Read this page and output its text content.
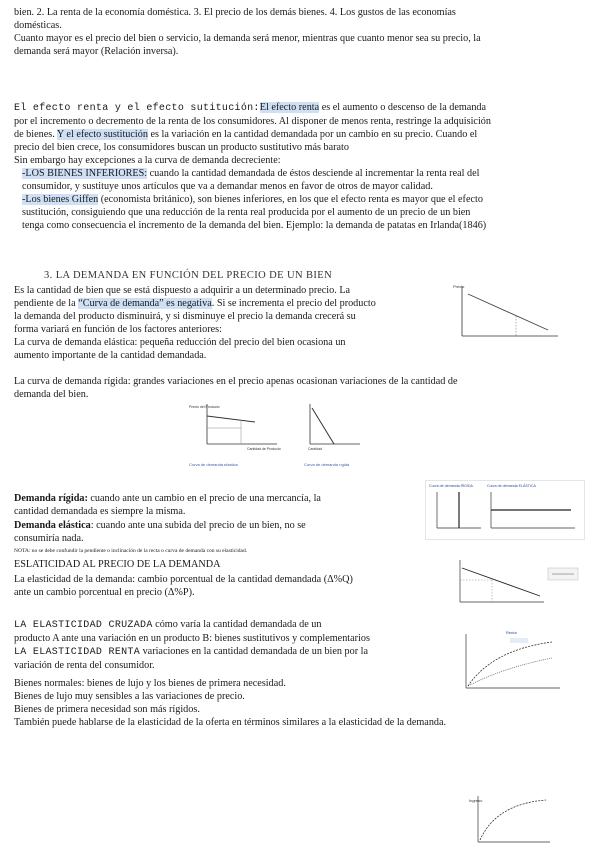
bien. 2. La renta de la economía doméstica. 3. El precio de los demás bienes. 4. Los gustos de las economías
domésticas.
Cuanto mayor es el precio del bien o servicio, la demanda será menor, mientras que cuanto menor sea su precio, la
demanda será mayor (Relación inversa).
El efecto renta y el efecto sutitución:El efecto renta es el aumento o descenso de la demanda
por el incremento o decremento de la renta de los consumidores. Al disponer de menos renta, restringe la adquisición
de bienes. Y el efecto sustitución es la variación en la cantidad demandada por un cambio en su precio. Cuando el
precio del bien crece, los consumidores buscan un producto sustitutivo más barato
Sin embargo hay excepciones a la curva de demanda decreciente:
-LOS BIENES INFERIORES: cuando la cantidad demandada de éstos desciende al incrementar la renta real del
consumidor, y sustituye unos artículos que va a demandar menos en favor de otros de mayor calidad.
-Los bienes Giffen (economista británico), son bienes inferiores, en los que el efecto renta es mayor que el efecto
sustitución, consiguiendo que una reducción de la renta real producida por el aumento de un precio de un bien
tenga como consecuencia el incremento de la demanda del bien. Ejemplo: la demanda de patatas en Irlanda(1846)
3. LA DEMANDA EN FUNCIÓN DEL PRECIO DE UN BIEN
Es la cantidad de bien que se está dispuesto a adquirir a un determinado precio. La
pendiente de la “Curva de demanda” es negativa. Si se incrementa el precio del producto
la demanda del producto disminuirá, y si disminuye el precio la demanda crecerá su
forma variará en función de los factores anteriores:
La curva de demanda elástica: pequeña reducción del precio del bien ocasiona un
aumento importante de la cantidad demandada.
La curva de demanda rígida: grandes variaciones en el precio apenas ocasionan variaciones de la cantidad de
demanda del bien.
Precio
Precio del Producto
Cantidad de Producto
Curva de demanda elástica
Cantidad
Curva de demanda rígida
Demanda rígida: cuando ante un cambio en el precio de una mercancía, la
cantidad demandada es siempre la misma.
Demanda elástica: cuando ante una subida del precio de un bien, no se
consumiría nada.
Curva de demanda RÍGIDA	Curva de demanda ELÁSTICA
NOTA: no se debe confundir la pendiente o inclinación de la recta o curva de demanda con su elasticidad.
ESLATICIDAD AL PRECIO DE LA DEMANDA
La elasticidad de la demanda: cambio porcentual de la cantidad demandada (Δ%Q)
ante un cambio porcentual en precio (Δ%P).
LA ELASTICIDAD CRUZADA cómo varía la cantidad demandada de un
producto A ante una variación en un producto B: bienes sustitutivos y complementarios
LA ELASTICIDAD RENTA variaciones en la cantidad demandada de un bien por la
variación de renta del consumidor.
Bienes normales: bienes de lujo y los bienes de primera necesidad.
Bienes de lujo muy sensibles a las variaciones de precio.
Bienes de primera necesidad son más rígidos.
También puede hablarse de la elasticidad de la oferta en términos similares a la elasticidad de la demanda.
Renta
Ingreso
